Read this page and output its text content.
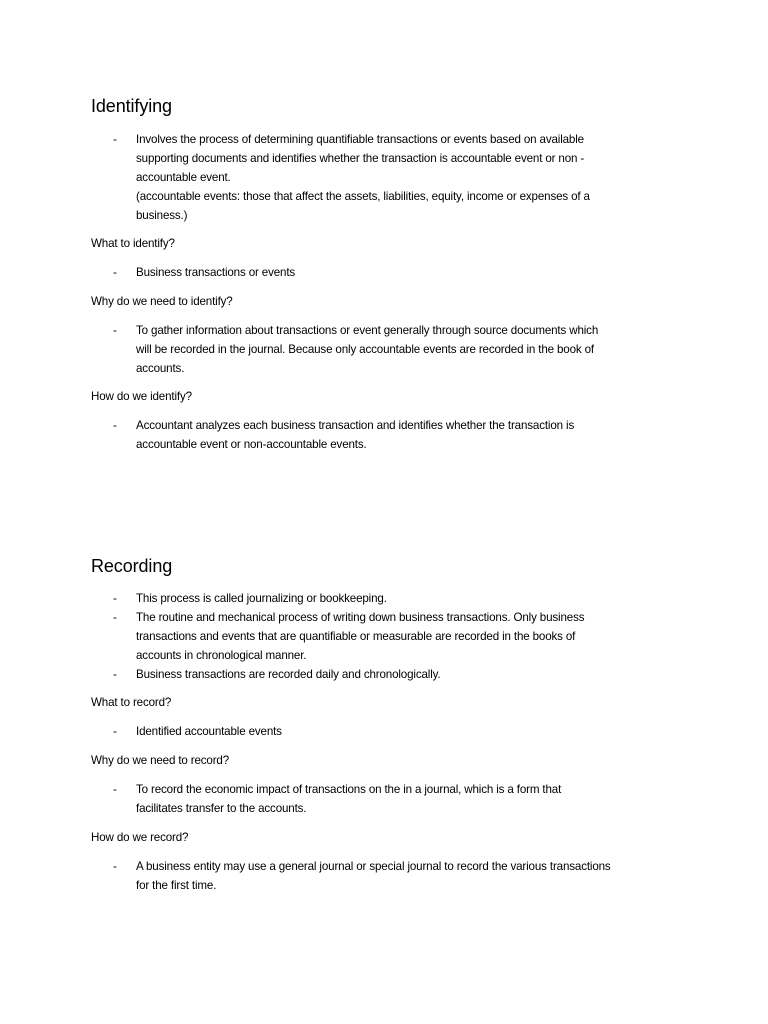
Identifying
- Involves the process of determining quantifiable transactions or events based on available
supporting documents and identifies whether the transaction is accountable event or non -
accountable event.
(accountable events: those that affect the assets, liabilities, equity, income or expenses of a
business.)

What to identify?

- Business transactions or events

Why do we need to identify?

- To gather information about transactions or event generally through source documents which
will be recorded in the journal. Because only accountable events are recorded in the book of
accounts.

How do we identify?

- Accountant analyzes each business transaction and identifies whether the transaction is
accountable event or non-accountable events.
Recording
- This process is called journalizing or bookkeeping.
- The routine and mechanical process of writing down business transactions. Only business
transactions and events that are quantifiable or measurable are recorded in the books of
accounts in chronological manner.
- Business transactions are recorded daily and chronologically.

What to record?

- Identified accountable events

Why do we need to record?

- To record the economic impact of transactions on the in a journal, which is a form that
facilitates transfer to the accounts.

How do we record?

- A business entity may use a general journal or special journal to record the various transactions
for the first time.
